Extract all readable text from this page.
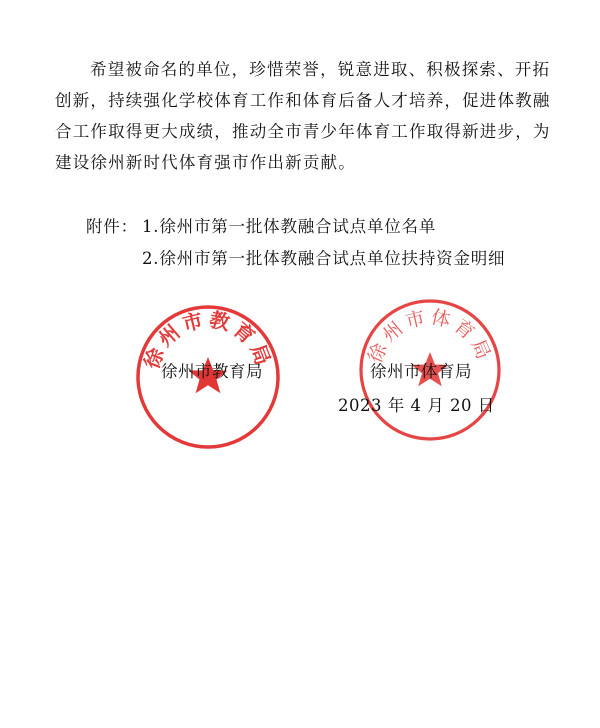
希望被命名的单位，珍惜荣誉，锐意进取、积极探索、开拓
创新，持续强化学校体育工作和体育后备人才培养，促进体教融
合工作取得更大成绩，推动全市青少年体育工作取得新进步，为
建设徐州新时代体育强市作出新贡献。
附件： 1.徐州市第一批体教融合试点单位名单
2.徐州市第一批体教融合试点单位扶持资金明细
徐州市教育局	徐州市体育局
徐州市教育局	徐州市体育局
2023 年 4 月 20 日
